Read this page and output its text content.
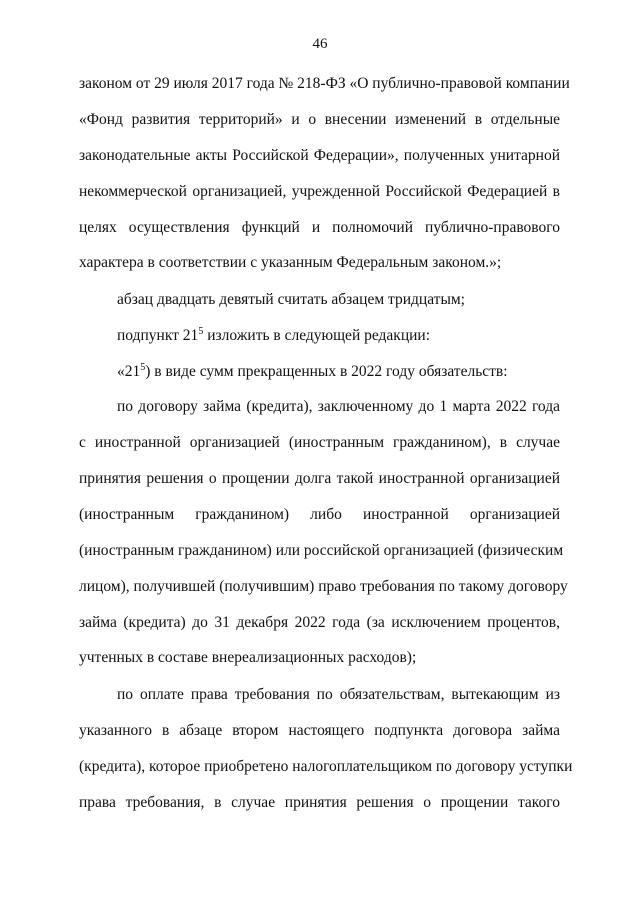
46
законом от 29 июля 2017 года № 218-ФЗ «О публично-правовой компании
«Фонд развития территорий» и о внесении изменений в отдельные
законодательные акты Российской Федерации», полученных унитарной
некоммерческой организацией, учрежденной Российской Федерацией в
целях осуществления функций и полномочий публично-правового
характера в соответствии с указанным Федеральным законом.»;
абзац двадцать девятый считать абзацем тридцатым;
подпункт $21^5$ изложить в следующей редакции:
«$21^5$) в виде сумм прекращенных в 2022 году обязательств:
по договору займа (кредита), заключенному до 1 марта 2022 года
с иностранной организацией (иностранным гражданином), в случае
принятия решения о прощении долга такой иностранной организацией
(иностранным гражданином) либо иностранной организацией
(иностранным гражданином) или российской организацией (физическим
лицом), получившей (получившим) право требования по такому договору
займа (кредита) до 31 декабря 2022 года (за исключением процентов,
учтенных в составе внереализационных расходов);
по оплате права требования по обязательствам, вытекающим из
указанного в абзаце втором настоящего подпункта договора займа
(кредита), которое приобретено налогоплательщиком по договору уступки
права требования, в случае принятия решения о прощении такого
